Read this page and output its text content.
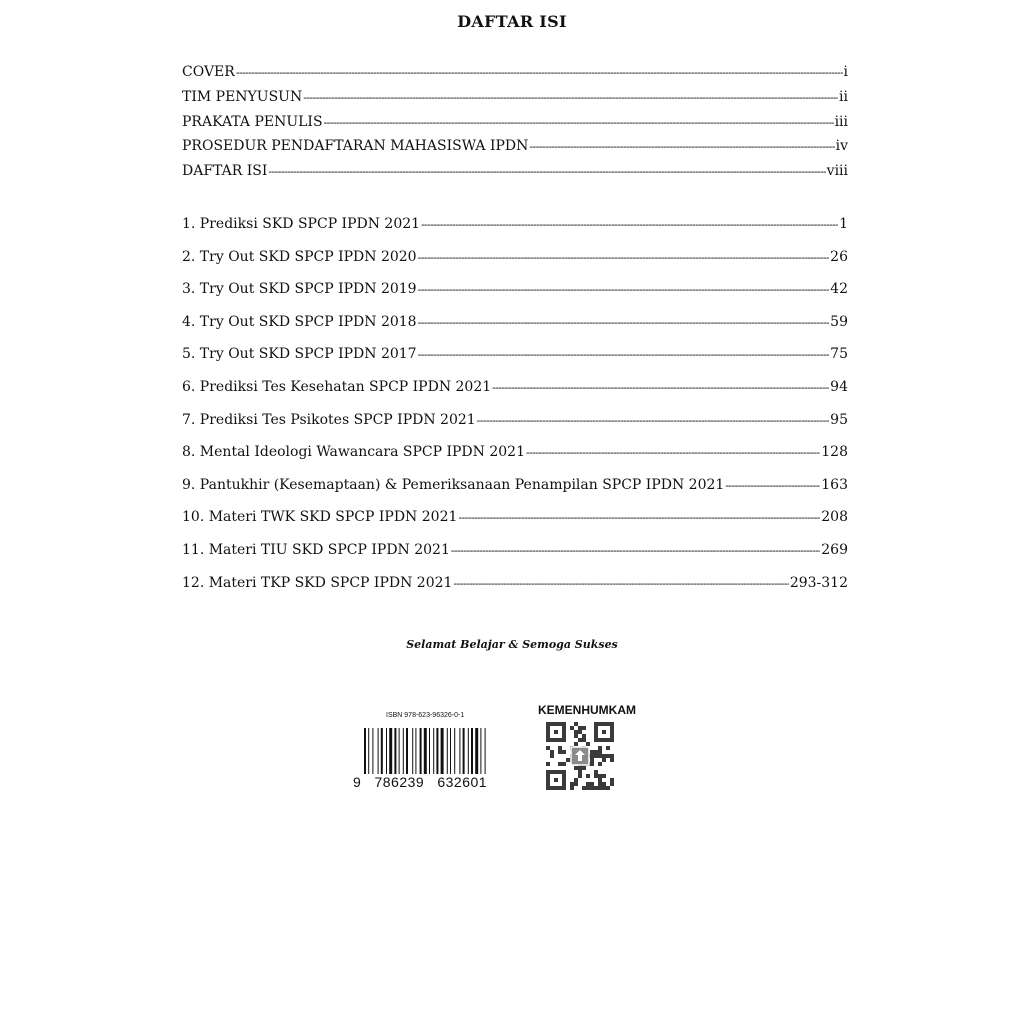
DAFTAR ISI
COVER -----	i
TIM PENYUSUN -----	ii
PRAKATA PENULIS -----	iii
PROSEDUR PENDAFTARAN MAHASISWA IPDN -----	iv
DAFTAR ISI -----	viii
1. Prediksi SKD SPCP IPDN 2021 -----	1
2. Try Out SKD SPCP IPDN 2020 -----	26
3. Try Out SKD SPCP IPDN 2019 -----	42
4. Try Out SKD SPCP IPDN 2018 -----	59
5. Try Out SKD SPCP IPDN 2017 -----	75
6. Prediksi Tes Kesehatan SPCP IPDN 2021 -----	94
7. Prediksi Tes Psikotes SPCP IPDN 2021 -----	95
8. Mental Ideologi Wawancara SPCP IPDN 2021 -----	128
9. Pantukhir (Kesemaptaan) & Pemeriksanaan Penampilan SPCP IPDN 2021 -----	163
10. Materi TWK SKD SPCP IPDN 2021 -----	208
11. Materi TIU SKD SPCP IPDN 2021 -----	269
12. Materi TKP SKD SPCP IPDN 2021 -----	293-312
Selamat Belajar & Semoga Sukses
ISBN 978-623-96326-0-1
9   786239   632601
KEMENHUMKAM
